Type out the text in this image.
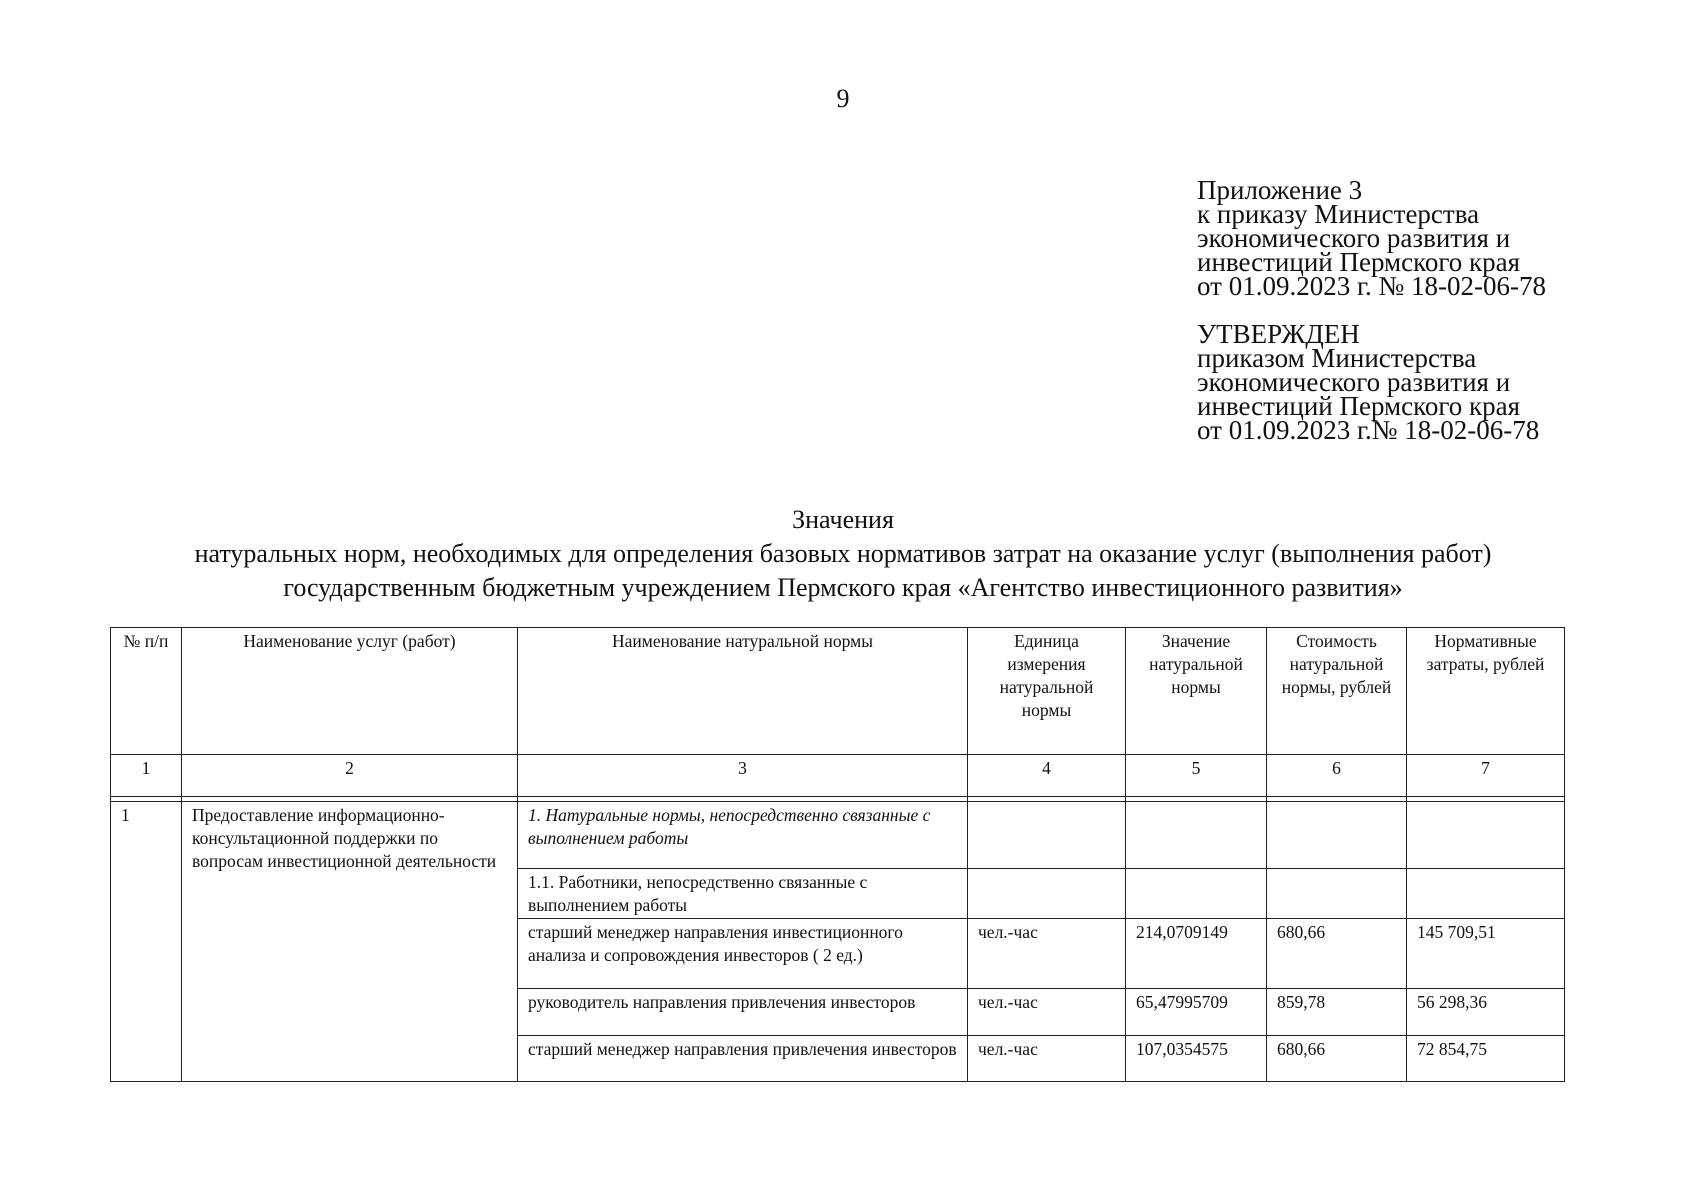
9
Приложение 3
к приказу Министерства
экономического развития и
инвестиций Пермского края
от 01.09.2023 г. № 18-02-06-78
УТВЕРЖДЕН
приказом Министерства
экономического развития и
инвестиций Пермского края
от 01.09.2023 г.№ 18-02-06-78
Значения
натуральных норм, необходимых для определения базовых нормативов затрат на оказание услуг (выполнения работ)
государственным бюджетным учреждением Пермского края «Агентство инвестиционного развития»
№ п/п	Наименование услуг (работ)	Наименование натуральной нормы	Единица измерения натуральной нормы	Значение натуральной нормы	Стоимость натуральной нормы, рублей	Нормативные затраты, рублей
1	2	3	4	5	6	7

1	Предоставление информационно-консультационной поддержки по вопросам инвестиционной деятельности	1. Натуральные нормы, непосредственно связанные с выполнением работы				
		1.1. Работники, непосредственно связанные с выполнением работы				
		старший менеджер направления инвестиционного анализа и сопровождения инвесторов ( 2 ед.)	чел.-час	214,0709149	680,66	145 709,51
		руководитель направления привлечения инвесторов	чел.-час	65,47995709	859,78	56 298,36
		старший менеджер направления привлечения инвесторов	чел.-час	107,0354575	680,66	72 854,75
